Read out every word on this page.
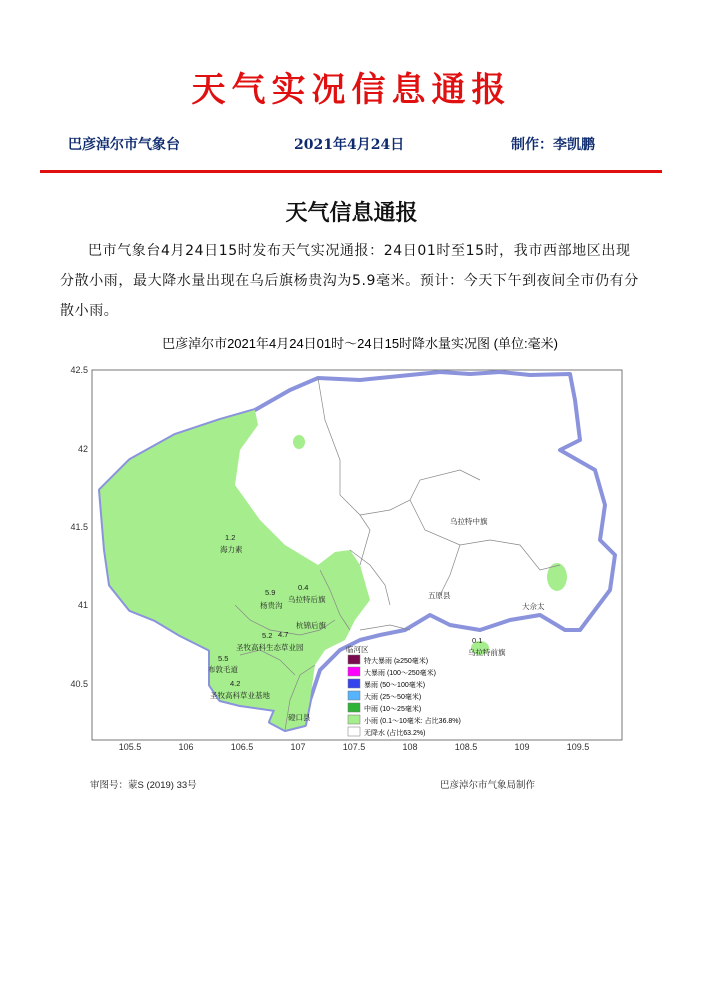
天气实况信息通报
巴彦淖尔市气象台	2021年4月24日	制作：李凯鹏
天气信息通报

巴市气象台4月24日15时发布天气实况通报：24日01时至15时，我市西部地区出现分散小雨，最大降水量出现在乌后旗杨贵沟为5.9毫米。预计：今天下午到夜间全市仍有分散小雨。

巴彦淖尔市2021年4月24日01时～24日15时降水量实况图 (单位:毫米)
105.5	106	106.5	107	107.5	108	108.5	109	109.5
42.5
42
41.5
41
40.5
1.2
海力素
5.9
杨贵沟
0.4
乌拉特后旗
乌拉特中旗
五原县
大佘太
杭锦后旗
临河区
0.1
乌拉特前旗
5.2 4.7
圣牧高科生态草业园
5.5
布敦毛道
4.2
圣牧高科草业基地
磴口县
特大暴雨 (≥250毫米)
大暴雨 (100～250毫米)
暴雨 (50～100毫米)
大雨 (25～50毫米)
中雨 (10～25毫米)
小雨 (0.1～10毫米: 占比36.8%)
无降水 (占比63.2%)
审图号：蒙S (2019) 33号	巴彦淖尔市气象局制作
